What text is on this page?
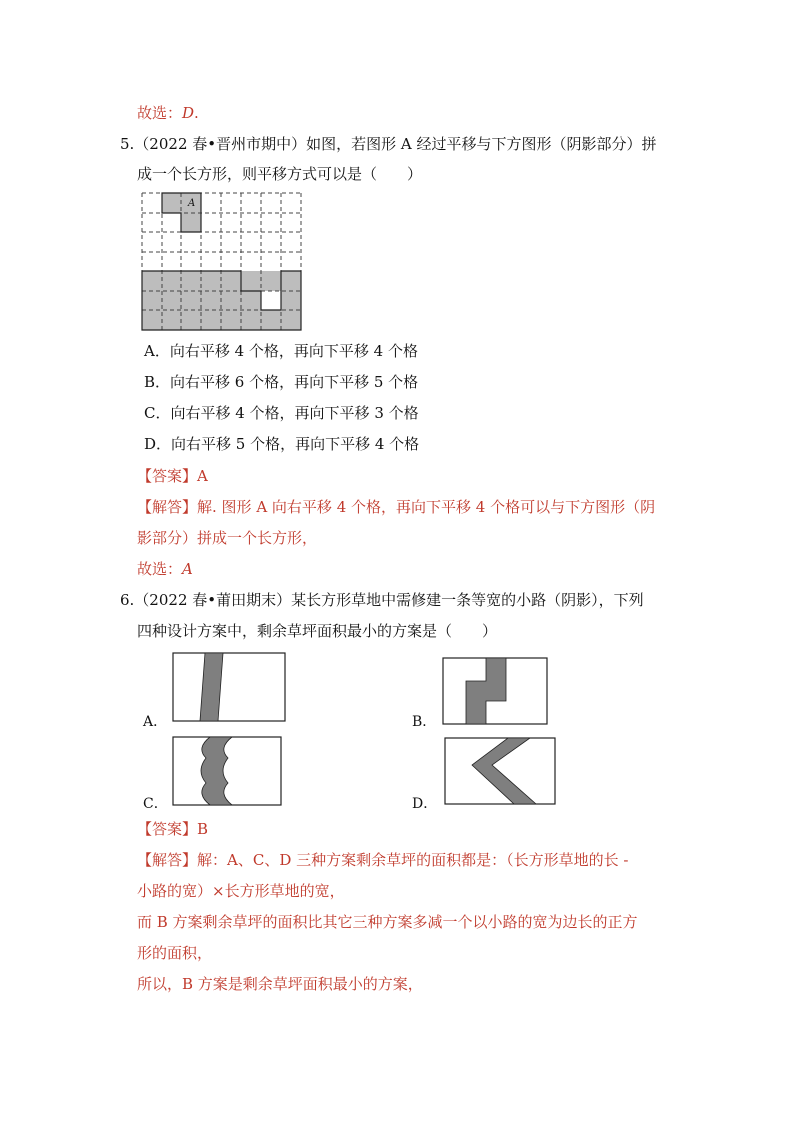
故选：D.
5.（2022 春•晋州市期中）如图，若图形 A 经过平移与下方图形（阴影部分）拼
成一个长方形，则平移方式可以是（　　）
A
A．向右平移 4 个格，再向下平移 4 个格
B．向右平移 6 个格，再向下平移 5 个格
C．向右平移 4 个格，再向下平移 3 个格
D．向右平移 5 个格，再向下平移 4 个格
【答案】A
【解答】解. 图形 A 向右平移 4 个格，再向下平移 4 个格可以与下方图形（阴
影部分）拼成一个长方形，
故选：A
6.（2022 春•莆田期末）某长方形草地中需修建一条等宽的小路（阴影），下列
四种设计方案中，剩余草坪面积最小的方案是（　　）
A．	B．
C．	D．
【答案】B
【解答】解：A、C、D 三种方案剩余草坪的面积都是：（长方形草地的长 -
小路的宽）×长方形草地的宽，
而 B 方案剩余草坪的面积比其它三种方案多减一个以小路的宽为边长的正方
形的面积，
所以，B 方案是剩余草坪面积最小的方案，
